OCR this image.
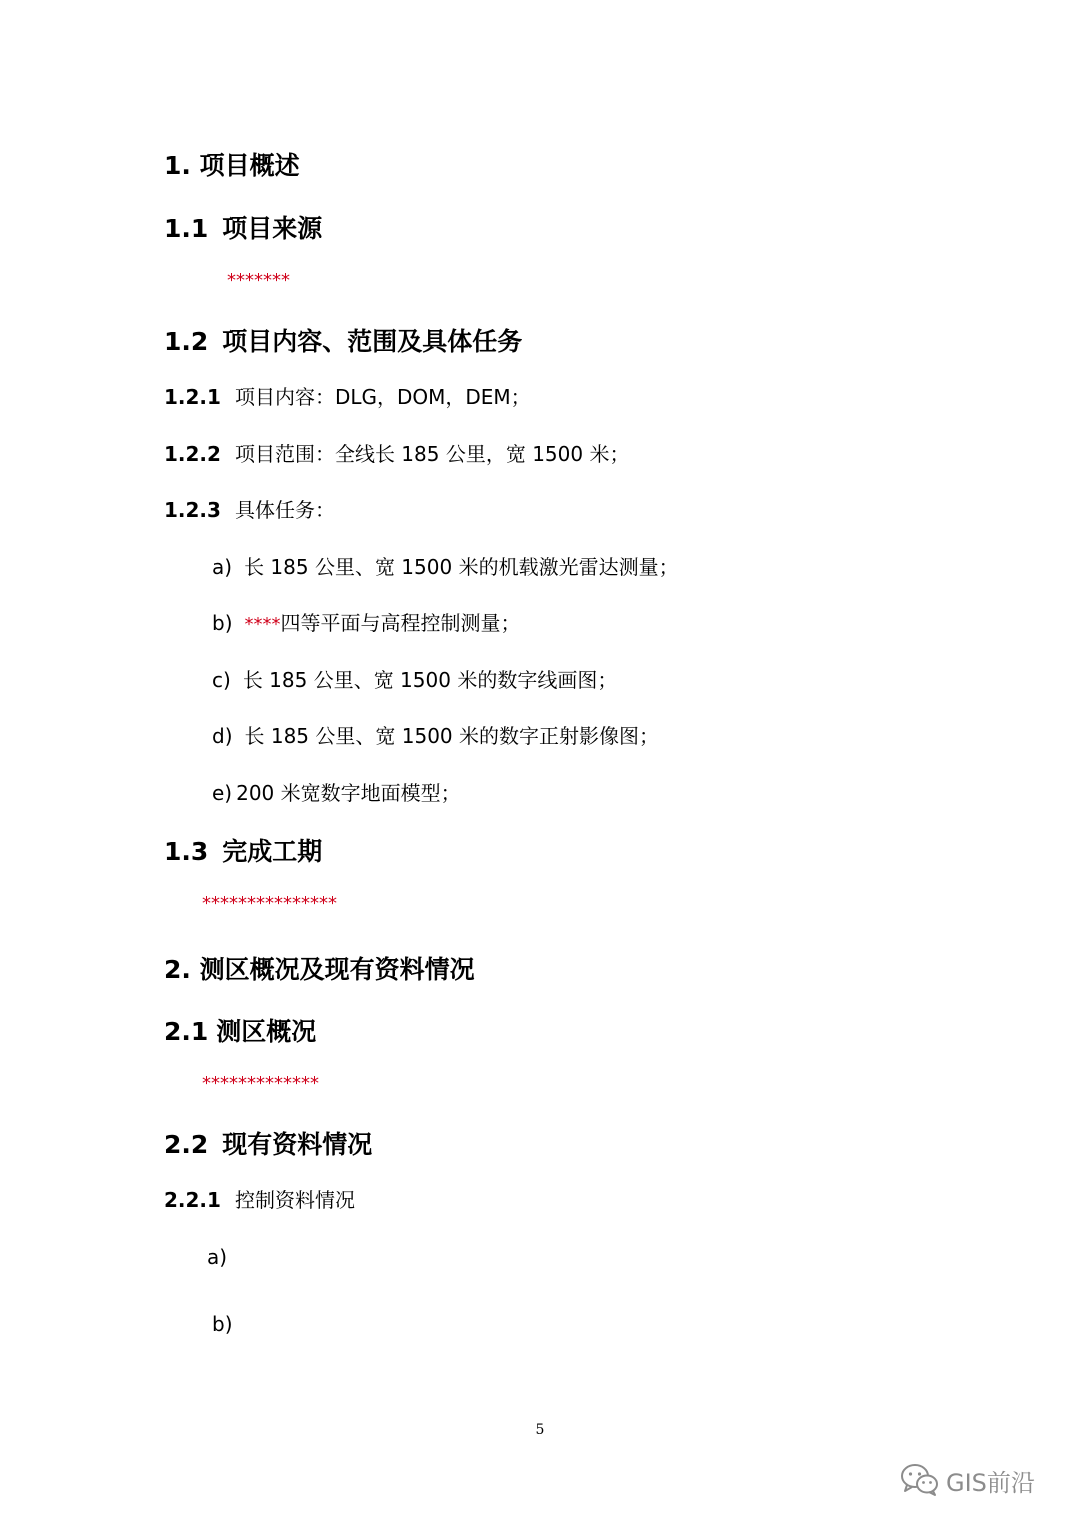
1. 项目概述
1.1 项目来源
*******
1.2 项目内容、范围及具体任务
1.2.1 项目内容：DLG，DOM，DEM；
1.2.2 项目范围：全线长 185 公里，宽 1500 米；
1.2.3 具体任务：
a) 长 185 公里、宽 1500 米的机载激光雷达测量；
b) ****四等平面与高程控制测量；
c) 长 185 公里、宽 1500 米的数字线画图；
d) 长 185 公里、宽 1500 米的数字正射影像图；
e) 200 米宽数字地面模型；
1.3 完成工期
***************
2. 测区概况及现有资料情况
2.1 测区概况
*************
2.2 现有资料情况
2.2.1 控制资料情况
a)
b)
5
GIS前沿
